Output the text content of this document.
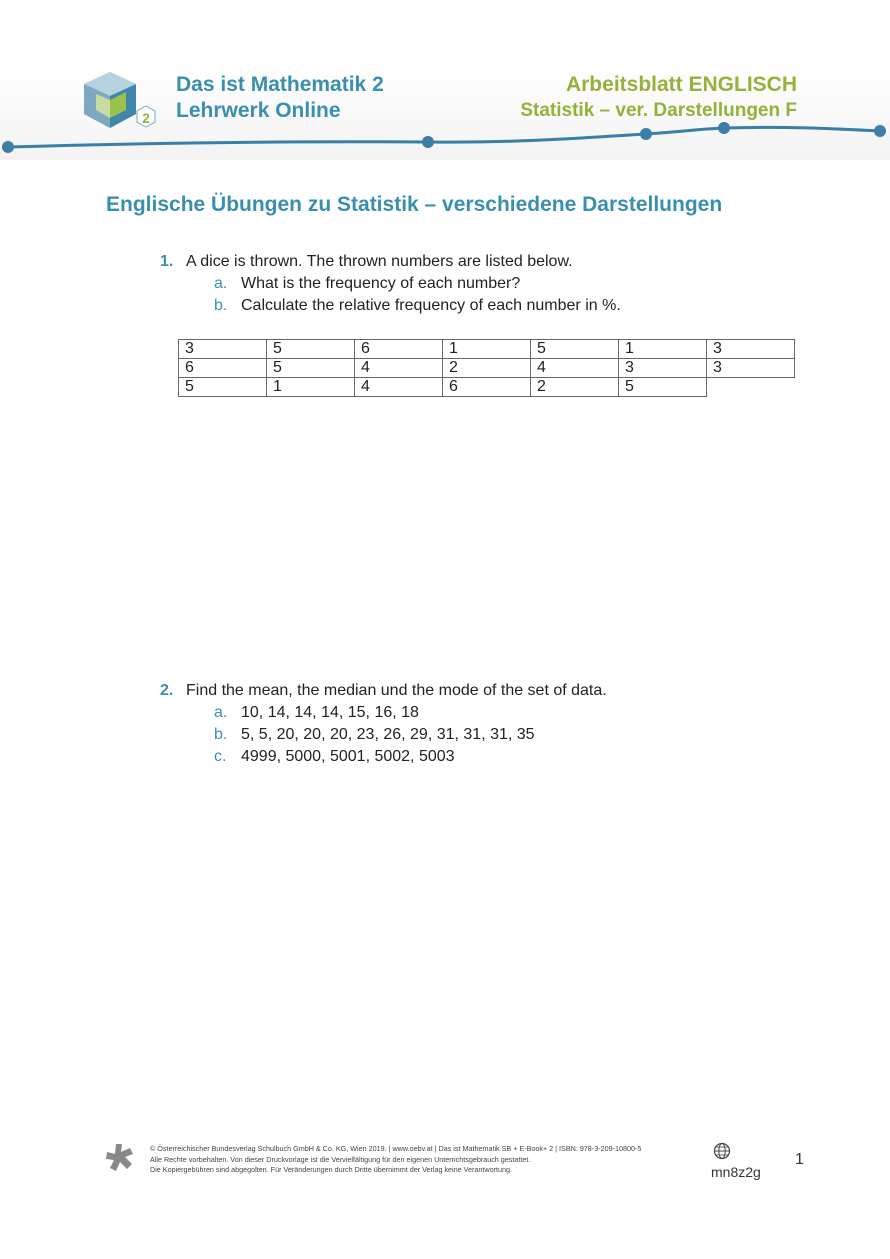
2
Das ist Mathematik 2
Lehrwerk Online
Arbeitsblatt ENGLISCH
Statistik – ver. Darstellungen F
Englische Übungen zu Statistik – verschiedene Darstellungen
1. A dice is thrown. The thrown numbers are listed below.
a. What is the frequency of each number?
b. Calculate the relative frequency of each number in %.
3	5	6	1	5	1	3
6	5	4	2	4	3	3
5	1	4	6	2	5	
2. Find the mean, the median und the mode of the set of data.
a. 10, 14, 14, 14, 15, 16, 18
b. 5, 5, 20, 20, 20, 23, 26, 29, 31, 31, 31, 35
c. 4999, 5000, 5001, 5002, 5003
© Österreichischer Bundesverlag Schulbuch GmbH & Co. KG, Wien 2019. | www.oebv.at | Das ist Mathematik SB + E-Book+ 2 | ISBN: 978-3-209-10800-5
Alle Rechte vorbehalten. Von dieser Druckvorlage ist die Vervielfältigung für den eigenen Unterrichtsgebrauch gestattet.
Die Kopiergebühren sind abgegolten. Für Veränderungen durch Dritte übernimmt der Verlag keine Verantwortung.	mn8z2g
1
